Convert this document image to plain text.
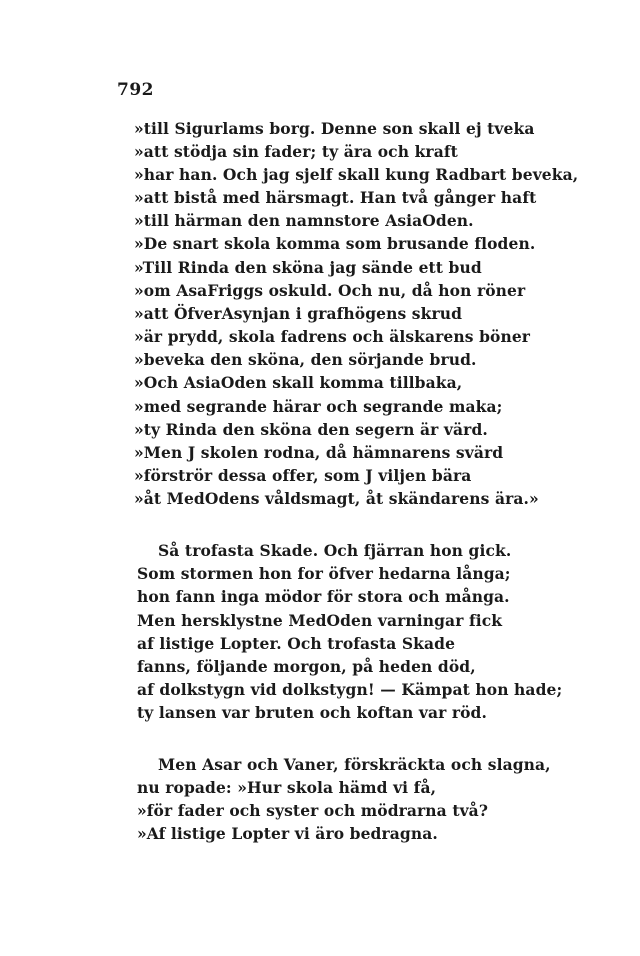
792
»till Sigurlams borg. Denne son skall ej tveka
»att stödja sin fader; ty ära och kraft
»har han. Och jag sjelf skall kung Radbart beveka,
»att bistå med härsmagt. Han två gånger haft
»till härman den namnstore AsiaOden.
»De snart skola komma som brusande floden.
»Till Rinda den sköna jag sände ett bud
»om AsaFriggs oskuld. Och nu, då hon röner
»att ÖfverAsynjan i grafhögens skrud
»är prydd, skola fadrens och älskarens böner
»beveka den sköna, den sörjande brud.
»Och AsiaOden skall komma tillbaka,
»med segrande härar och segrande maka;
»ty Rinda den sköna den segern är värd.
»Men J skolen rodna, då hämnarens svärd
»förströr dessa offer, som J viljen bära
»åt MedOdens våldsmagt, åt skändarens ära.»
Så trofasta Skade. Och fjärran hon gick.
Som stormen hon for öfver hedarna långa;
hon fann inga mödor för stora och många.
Men hersklystne MedOden varningar fick
af listige Lopter. Och trofasta Skade
fanns, följande morgon, på heden död,
af dolkstygn vid dolkstygn! — Kämpat hon hade;
ty lansen var bruten och koftan var röd.
Men Asar och Vaner, förskräckta och slagna,
nu ropade: »Hur skola hämd vi få,
»för fader och syster och mödrarna två?
»Af listige Lopter vi äro bedragna.
